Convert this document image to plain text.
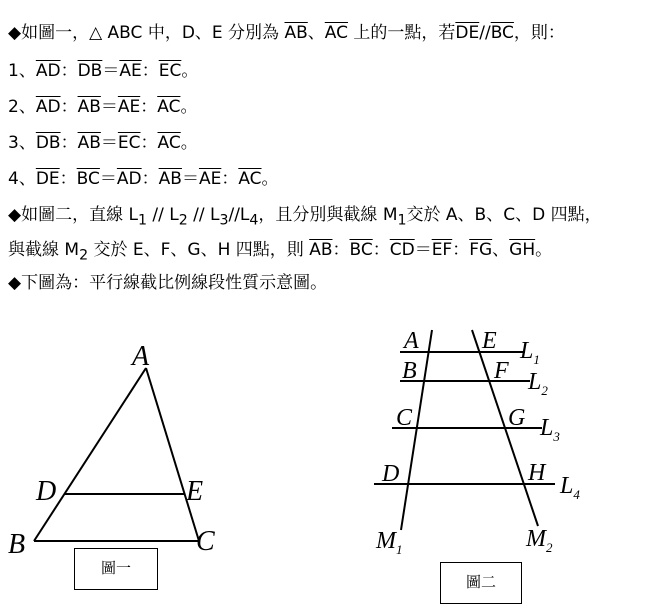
◆如圖一，△ ABC 中，D、E 分別為 $\overline{AB}$、$\overline{AC}$ 上的一點，若$\overline{DE}//\overline{BC}$，則：
1、$\overline{AD}$：$\overline{DB}=\overline{AE}$：$\overline{EC}$。
2、$\overline{AD}$：$\overline{AB}=\overline{AE}$：$\overline{AC}$。
3、$\overline{DB}$：$\overline{AB}=\overline{EC}$：$\overline{AC}$。
4、$\overline{DE}$：$\overline{BC}=\overline{AD}$：$\overline{AB}=\overline{AE}$：$\overline{AC}$。
◆如圖二，直線 $L_1 // L_2 // L_3//L_4$，且分別與截線 $M_1$交於 A、B、C、D 四點，
與截線 $M_2$ 交於 E、F、G、H 四點，則 $\overline{AB}$：$\overline{BC}$：$\overline{CD}=\overline{EF}$：$\overline{FG}$、$\overline{GH}$。
◆下圖為：平行線截比例線段性質示意圖。
A
D	E
B	C
圖一
A	E
B	F
C	G
D	H
$L_1$
$L_2$
$L_3$
$L_4$
$M_1$	$M_2$
圖二
